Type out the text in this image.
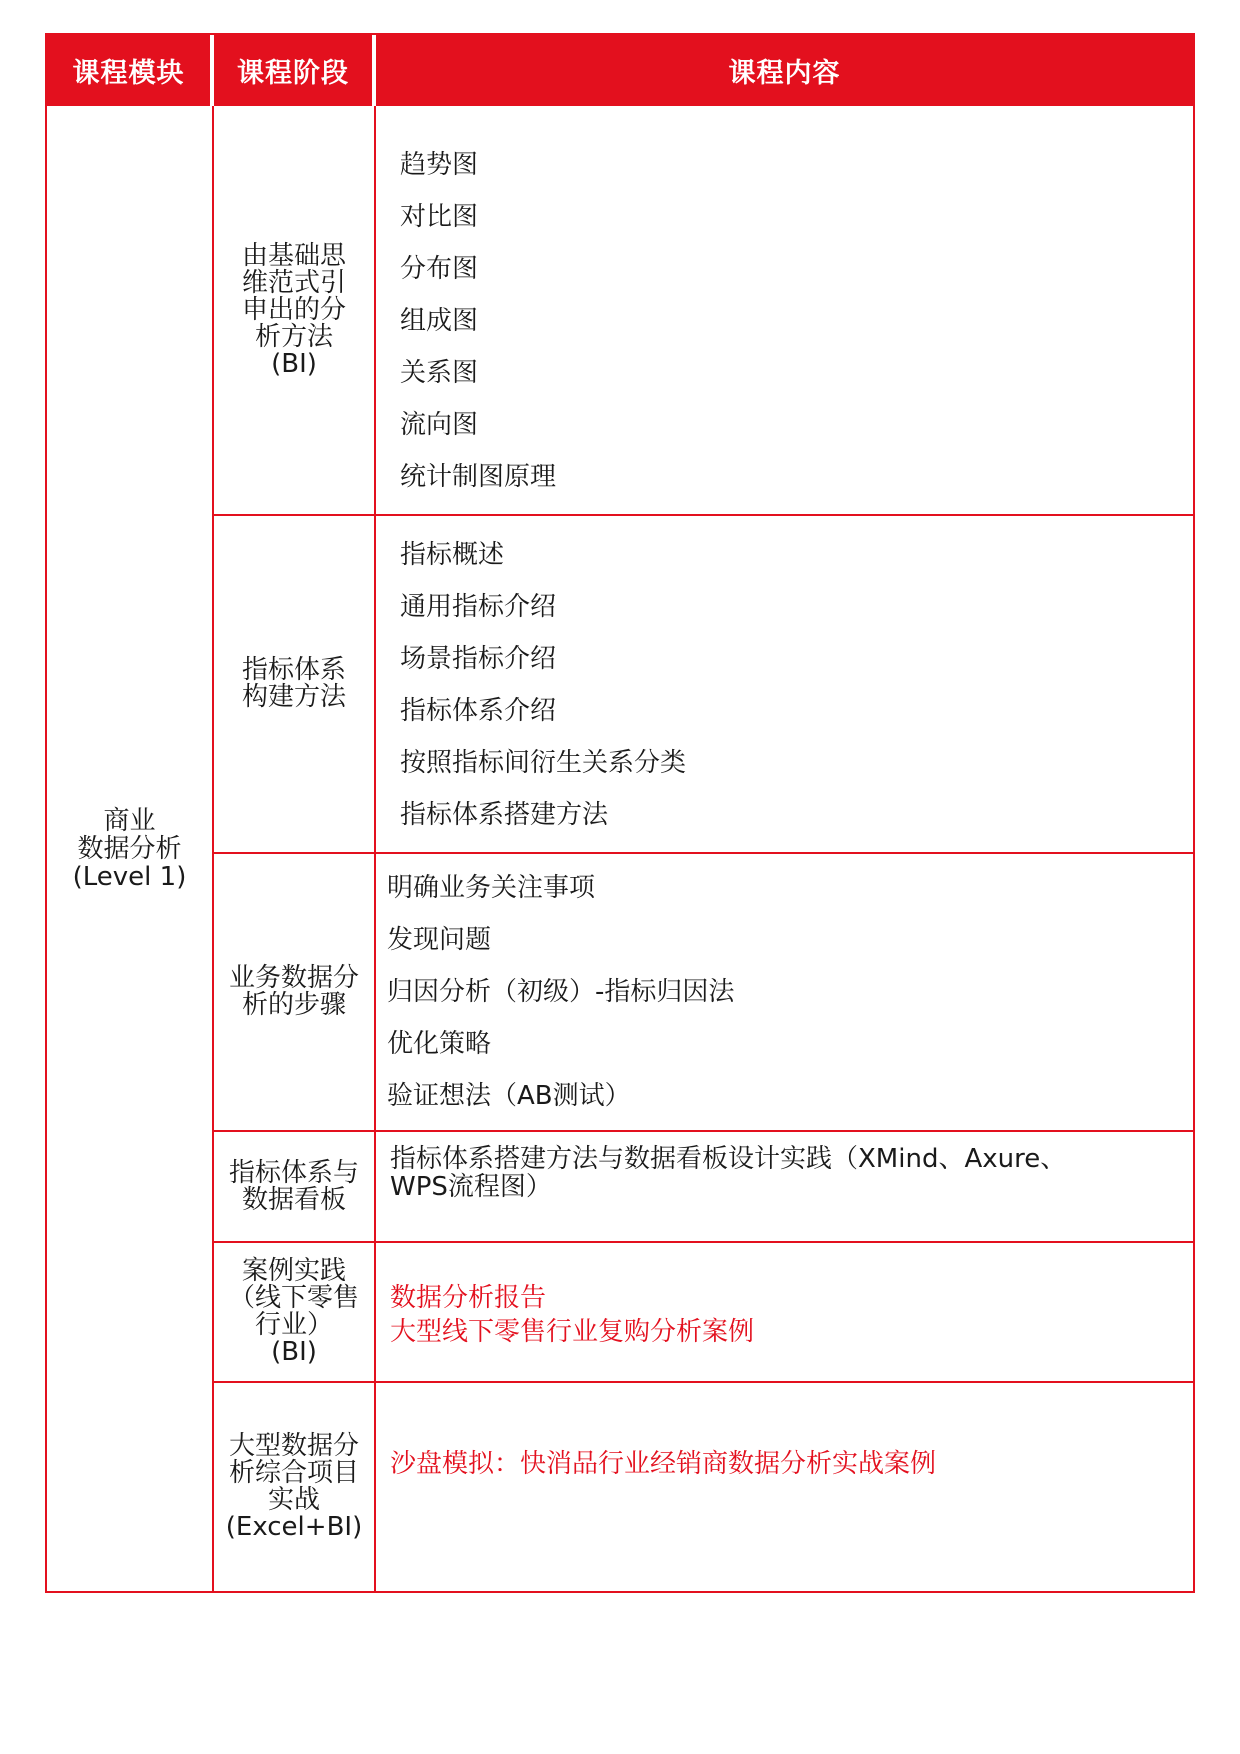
课程模块	课程阶段	课程内容
商业
数据分析
(Level 1)
由基础思
维范式引
申出的分
析方法
(BI)
趋势图
对比图
分布图
组成图
关系图
流向图
统计制图原理
指标体系
构建方法
指标概述
通用指标介绍
场景指标介绍
指标体系介绍
按照指标间衍生关系分类
指标体系搭建方法
业务数据分
析的步骤
明确业务关注事项
发现问题
归因分析（初级）-指标归因法
优化策略
验证想法（AB测试）
指标体系与
数据看板
指标体系搭建方法与数据看板设计实践（XMind、Axure、
WPS流程图）
案例实践
（线下零售
行业）
(BI)
数据分析报告
大型线下零售行业复购分析案例
大型数据分
析综合项目
实战
(Excel+BI)
沙盘模拟：快消品行业经销商数据分析实战案例
